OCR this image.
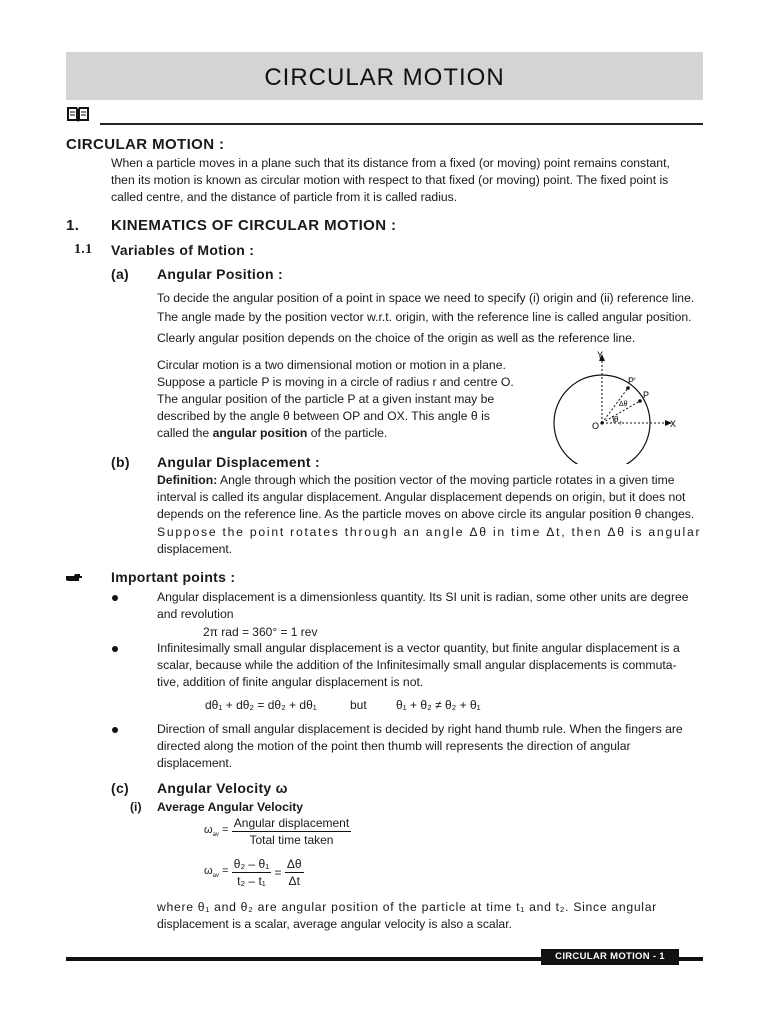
CIRCULAR MOTION
CIRCULAR MOTION :
When a particle moves in a plane such that its distance from a fixed (or moving) point remains constant,
then its motion is known as circular motion with respect to that fixed (or moving) point. The fixed point is
called centre, and the distance of particle from it is called radius.
1. KINEMATICS OF CIRCULAR MOTION :
1.1 Variables of Motion :
(a) Angular Position :
To decide the angular position of a point in space we need to specify (i) origin and (ii) reference line.
The angle made by the position vector w.r.t. origin, with the reference line is called angular position.
Clearly angular position depends on the choice of the origin as well as the reference line.
Circular motion is a two dimensional motion or motion in a plane.
Suppose a particle P is moving in a circle of radius r and centre O.
The angular position of the particle P at a given instant may be
described by the angle θ between OP and OX. This angle θ is
called the angular position of the particle.
Y
X
O
P'
P
Δθ
θ f
(b) Angular Displacement :
Definition: Angle through which the position vector of the moving particle rotates in a given time
interval is called its angular displacement. Angular displacement depends on origin, but it does not
depends on the reference line. As the particle moves on above circle its angular position θ changes.
Suppose the point rotates through an angle Δθ in time Δt, then Δθ is angular
displacement.
Important points :
Angular displacement is a dimensionless quantity. Its SI unit is radian, some other units are degree
and revolution
2π rad = 360° = 1 rev
Infinitesimally small angular displacement is a vector quantity, but finite angular displacement is a
scalar, because while the addition of the Infinitesimally small angular displacements is commuta-
tive, addition of finite angular displacement is not.
dθ₁ + dθ₂ = dθ₂ + dθ₁	but θ₁ + θ₂ ≠ θ₂ + θ₁
Direction of small angular displacement is decided by right hand thumb rule. When the fingers are
directed along the motion of the point then thumb will represents the direction of angular
displacement.
(c) Angular Velocity ω
(i) Average Angular Velocity
$\omega_{av} = \frac{\text{Angular displacement}}{\text{Total time taken}}$
$\omega_{av} = \frac{\text{θ₂ – θ₁}}{\text{t₂ – t₁}} = \frac{\Delta\theta}{\Delta t}$
where θ₁ and θ₂ are angular position of the particle at time t₁ and t₂. Since angular
displacement is a scalar, average angular velocity is also a scalar.
CIRCULAR MOTION - 1
